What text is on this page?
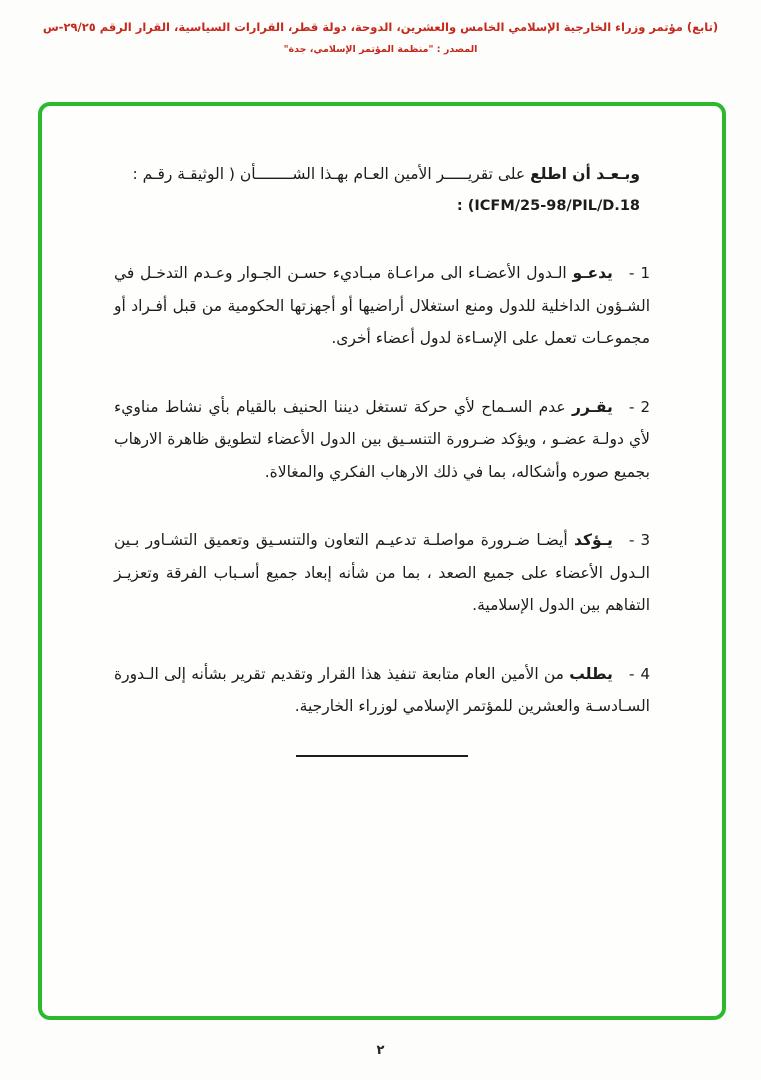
(تابع) مؤتمر وزراء الخارجية الإسلامي الخامس والعشرين، الدوحة، دولة قطر، القرارات السياسية، القرار الرقم ٢٩/٢٥-س
المصدر : "منظمة المؤتمر الإسلامي، جدة"

وبـعـد أن اطلع على تقريـــــر الأمين العـام بهـذا الشــــــــأن ( الوثيقـة رقـم :

: (ICFM/25-98/PIL/D.18

1-يدعـو الـدول الأعضـاء الى مراعـاة مبـاديء حسـن الجـوار وعـدم التدخـل في الشـؤون الداخلية للدول ومنع استغلال أراضيها أو أجهزتها الحكومية من قبل أفـراد أو مجموعـات تعمل على الإسـاءة لدول أعضاء أخرى.

2-يقـرر عدم السـماح لأي حركة تستغل ديننا الحنيف بالقيام بأي نشاط مناويء لأي دولـة عضـو ، ويؤكد ضـرورة التنسـيق بين الدول الأعضاء لتطويق ظاهرة الارهاب بجميع صوره وأشكاله، بما في ذلك الارهاب الفكري والمغالاة.

3-يـؤكد أيضـا ضـرورة مواصلـة تدعيـم التعاون والتنسـيق وتعميق التشـاور بـين الـدول الأعضاء على جميع الصعد ، بما من شأنه إبعاد جميع أسـباب الفرقة وتعزيـز التفاهم بين الدول الإسلامية.

4-يطلب من الأمين العام متابعة تنفيذ هذا القرار وتقديم تقرير بشأنه إلى الـدورة السـادسـة والعشرين للمؤتمر الإسلامي لوزراء الخارجية.

٢
